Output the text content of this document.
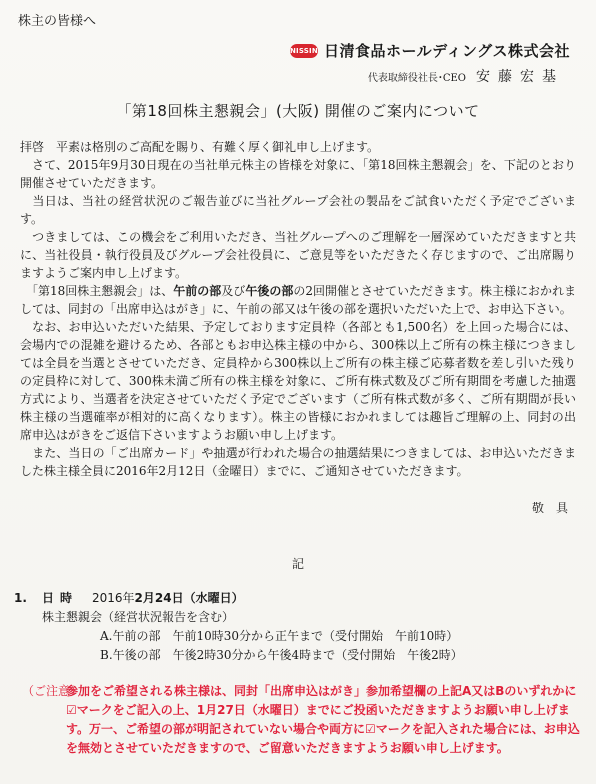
株主の皆様へ
NISSIN 日清食品ホールディングス株式会社
代表取締役社長･CEO 安藤宏基
「第18回株主懇親会」(大阪) 開催のご案内について

拝啓　平素は格別のご高配を賜り、有難く厚く御礼申し上げます。

　さて、2015年9月30日現在の当社単元株主の皆様を対象に、「第18回株主懇親会」を、下記のとおり開催させていただきます。

　当日は、当社の経営状況のご報告並びに当社グループ会社の製品をご試食いただく予定でございます。

　つきましては、この機会をご利用いただき、当社グループへのご理解を一層深めていただきますと共に、当社役員・執行役員及びグループ会社役員に、ご意見等をいただきたく存じますので、ご出席賜りますようご案内申し上げます。

　「第18回株主懇親会」は、午前の部及び午後の部の2回開催とさせていただきます。株主様におかれましては、同封の「出席申込はがき」に、午前の部又は午後の部を選択いただいた上で、お申込下さい。

　なお、お申込いただいた結果、予定しております定員枠（各部とも1,500名）を上回った場合には、会場内での混雑を避けるため、各部ともお申込株主様の中から、300株以上ご所有の株主様につきましては全員を当選とさせていただき、定員枠から300株以上ご所有の株主様ご応募者数を差し引いた残りの定員枠に対して、300株未満ご所有の株主様を対象に、ご所有株式数及びご所有期間を考慮した抽選方式により、当選者を決定させていただく予定でございます（ご所有株式数が多く、ご所有期間が長い株主様の当選確率が相対的に高くなります）。株主の皆様におかれましては趣旨ご理解の上、同封の出席申込はがきをご返信下さいますようお願い申し上げます。

　また、当日の「ご出席カード」や抽選が行われた場合の抽選結果につきましては、お申込いただきました株主様全員に2016年2月12日（金曜日）までに、ご通知させていただきます。

敬　具
記
1. 日時 2016年2月24日（水曜日）
株主懇親会（経営状況報告を含む）
A.午前の部　午前10時30分から正午まで（受付開始　午前10時）
B.午後の部　午後2時30分から午後4時まで（受付開始　午後2時）
（ご注意）
参加をご希望される株主様は、同封「出席申込はがき」参加希望欄の上記A又はBのいずれかに☑マークをご記入の上、1月27日（水曜日）までにご投函いただきますようお願い申し上げます。万一、ご希望の部が明記されていない場合や両方に☑マークを記入された場合には、お申込を無効とさせていただきますので、ご留意いただきますようお願い申し上げます。
